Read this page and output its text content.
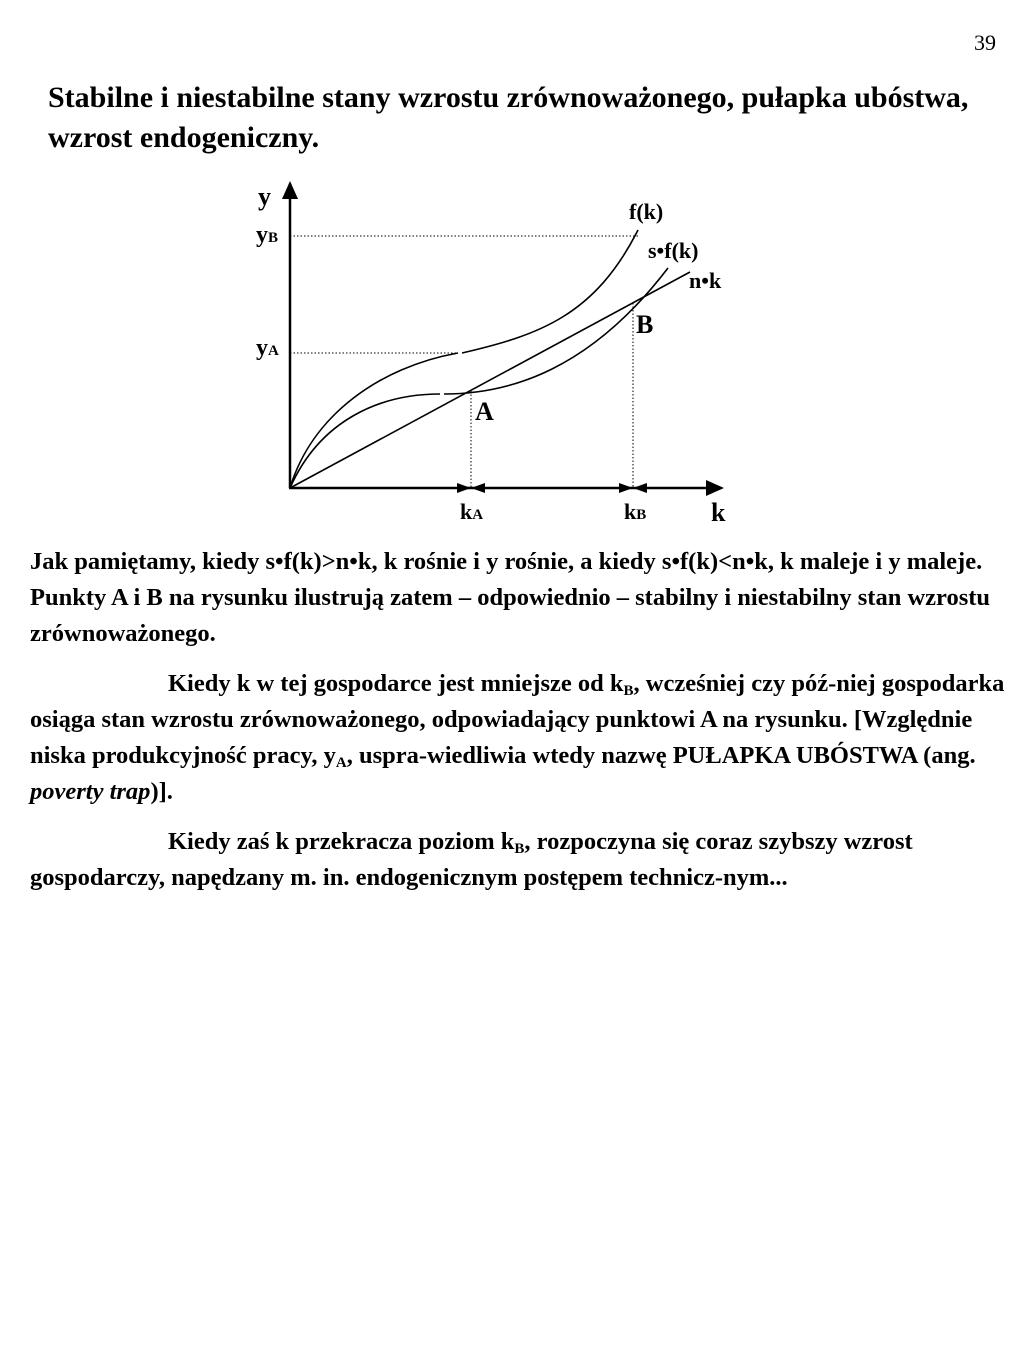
39
Stabilne i niestabilne stany wzrostu zrównoważonego, pułapka ubóstwa, wzrost endogeniczny.
y
k
yB
yA
kA	kB
f(k)
s•f(k)
n•k
A
B

Jak pamiętamy, kiedy s•f(k)>n•k, k rośnie i y rośnie, a kiedy s•f(k)<n•k, k maleje i y maleje. Punkty A i B na rysunku ilustrują zatem – odpowiednio – stabilny i niestabilny stan wzrostu zrównoważonego.

Kiedy k w tej gospodarce jest mniejsze od $k_B$, wcześniej czy póź-niej gospodarka osiąga stan wzrostu zrównoważonego, odpowiadający punktowi A na rysunku. [Względnie niska produkcyjność pracy, $y_A$, uspra-wiedliwia wtedy nazwę PUŁAPKA UBÓSTWA (ang. poverty trap)].

Kiedy zaś k przekracza poziom $k_B$, rozpoczyna się coraz szybszy wzrost gospodarczy, napędzany m. in. endogenicznym postępem technicz-nym...
